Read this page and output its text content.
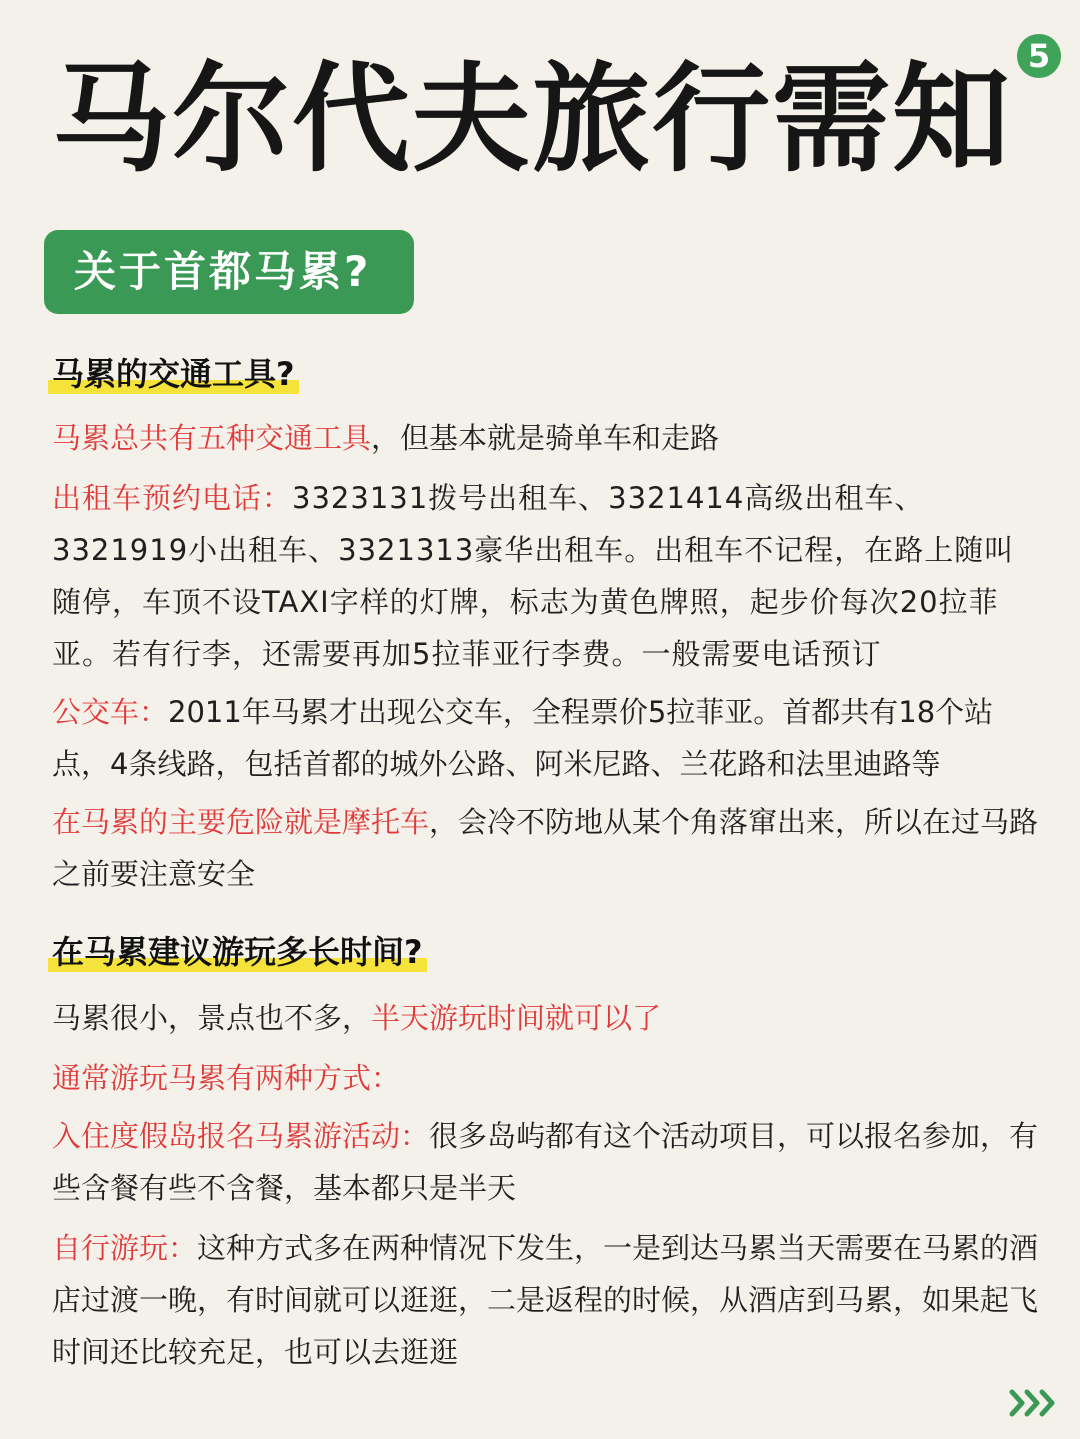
马尔代夫旅行需知 5
关于首都马累?
马累的交通工具?
马累总共有五种交通工具，但基本就是骑单车和走路
出租车预约电话：3323131拨号出租车、3321414高级出租车、3321919小出租车、3321313豪华出租车。出租车不记程，在路上随叫随停，车顶不设TAXI字样的灯牌，标志为黄色牌照，起步价每次20拉菲亚。若有行李，还需要再加5拉菲亚行李费。一般需要电话预订
公交车：2011年马累才出现公交车，全程票价5拉菲亚。首都共有18个站点，4条线路，包括首都的城外公路、阿米尼路、兰花路和法里迪路等
在马累的主要危险就是摩托车，会冷不防地从某个角落窜出来，所以在过马路之前要注意安全
在马累建议游玩多长时间?
马累很小，景点也不多，半天游玩时间就可以了
通常游玩马累有两种方式：
入住度假岛报名马累游活动：很多岛屿都有这个活动项目，可以报名参加，有些含餐有些不含餐，基本都只是半天
自行游玩：这种方式多在两种情况下发生，一是到达马累当天需要在马累的酒店过渡一晚，有时间就可以逛逛，二是返程的时候，从酒店到马累，如果起飞时间还比较充足，也可以去逛逛
